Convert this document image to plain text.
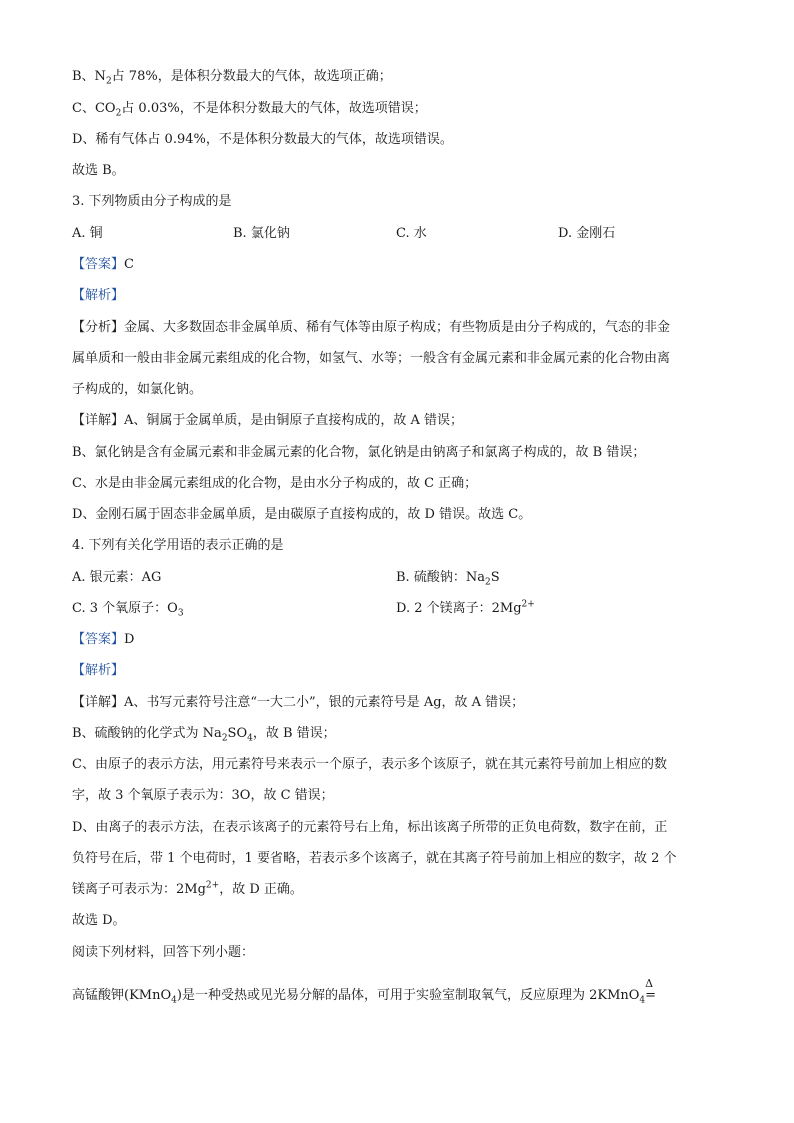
B、$N_2$占 78%，是体积分数最大的气体，故选项正确；
C、$CO_2$占 0.03%，不是体积分数最大的气体，故选项错误；
D、稀有气体占 0.94%，不是体积分数最大的气体，故选项错误。
故选 B。
3. 下列物质由分子构成的是
A. 铜	B. 氯化钠	C. 水	D. 金刚石
【答案】C
【解析】
【分析】金属、大多数固态非金属单质、稀有气体等由原子构成；有些物质是由分子构成的，气态的非金
属单质和一般由非金属元素组成的化合物，如氢气、水等；一般含有金属元素和非金属元素的化合物由离
子构成的，如氯化钠。
【详解】A、铜属于金属单质，是由铜原子直接构成的，故 A 错误；
B、氯化钠是含有金属元素和非金属元素的化合物，氯化钠是由钠离子和氯离子构成的，故 B 错误；
C、水是由非金属元素组成的化合物，是由水分子构成的，故 C 正确；
D、金刚石属于固态非金属单质，是由碳原子直接构成的，故 D 错误。故选 C。
4. 下列有关化学用语的表示正确的是
A. 银元素：AG	B. 硫酸钠：$Na_2S$
C. 3 个氧原子：$O_3$	D. 2 个镁离子：$2Mg^{2+}$
【答案】D
【解析】
【详解】A、书写元素符号注意“一大二小”，银的元素符号是 Ag，故 A 错误；
B、硫酸钠的化学式为 $Na_2SO_4$，故 B 错误；
C、由原子的表示方法，用元素符号来表示一个原子，表示多个该原子，就在其元素符号前加上相应的数
字，故 3 个氧原子表示为：3O，故 C 错误；
D、由离子的表示方法，在表示该离子的元素符号右上角，标出该离子所带的正负电荷数，数字在前，正
负符号在后，带 1 个电荷时，1 要省略，若表示多个该离子，就在其离子符号前加上相应的数字，故 2 个
镁离子可表示为：$2Mg^{2+}$，故 D 正确。
故选 D。
阅读下列材料，回答下列小题：
高锰酸钾(KMnO$_4$)是一种受热或见光易分解的晶体，可用于实验室制取氧气，反应原理为 2KMnO$_4$
Δ
=
